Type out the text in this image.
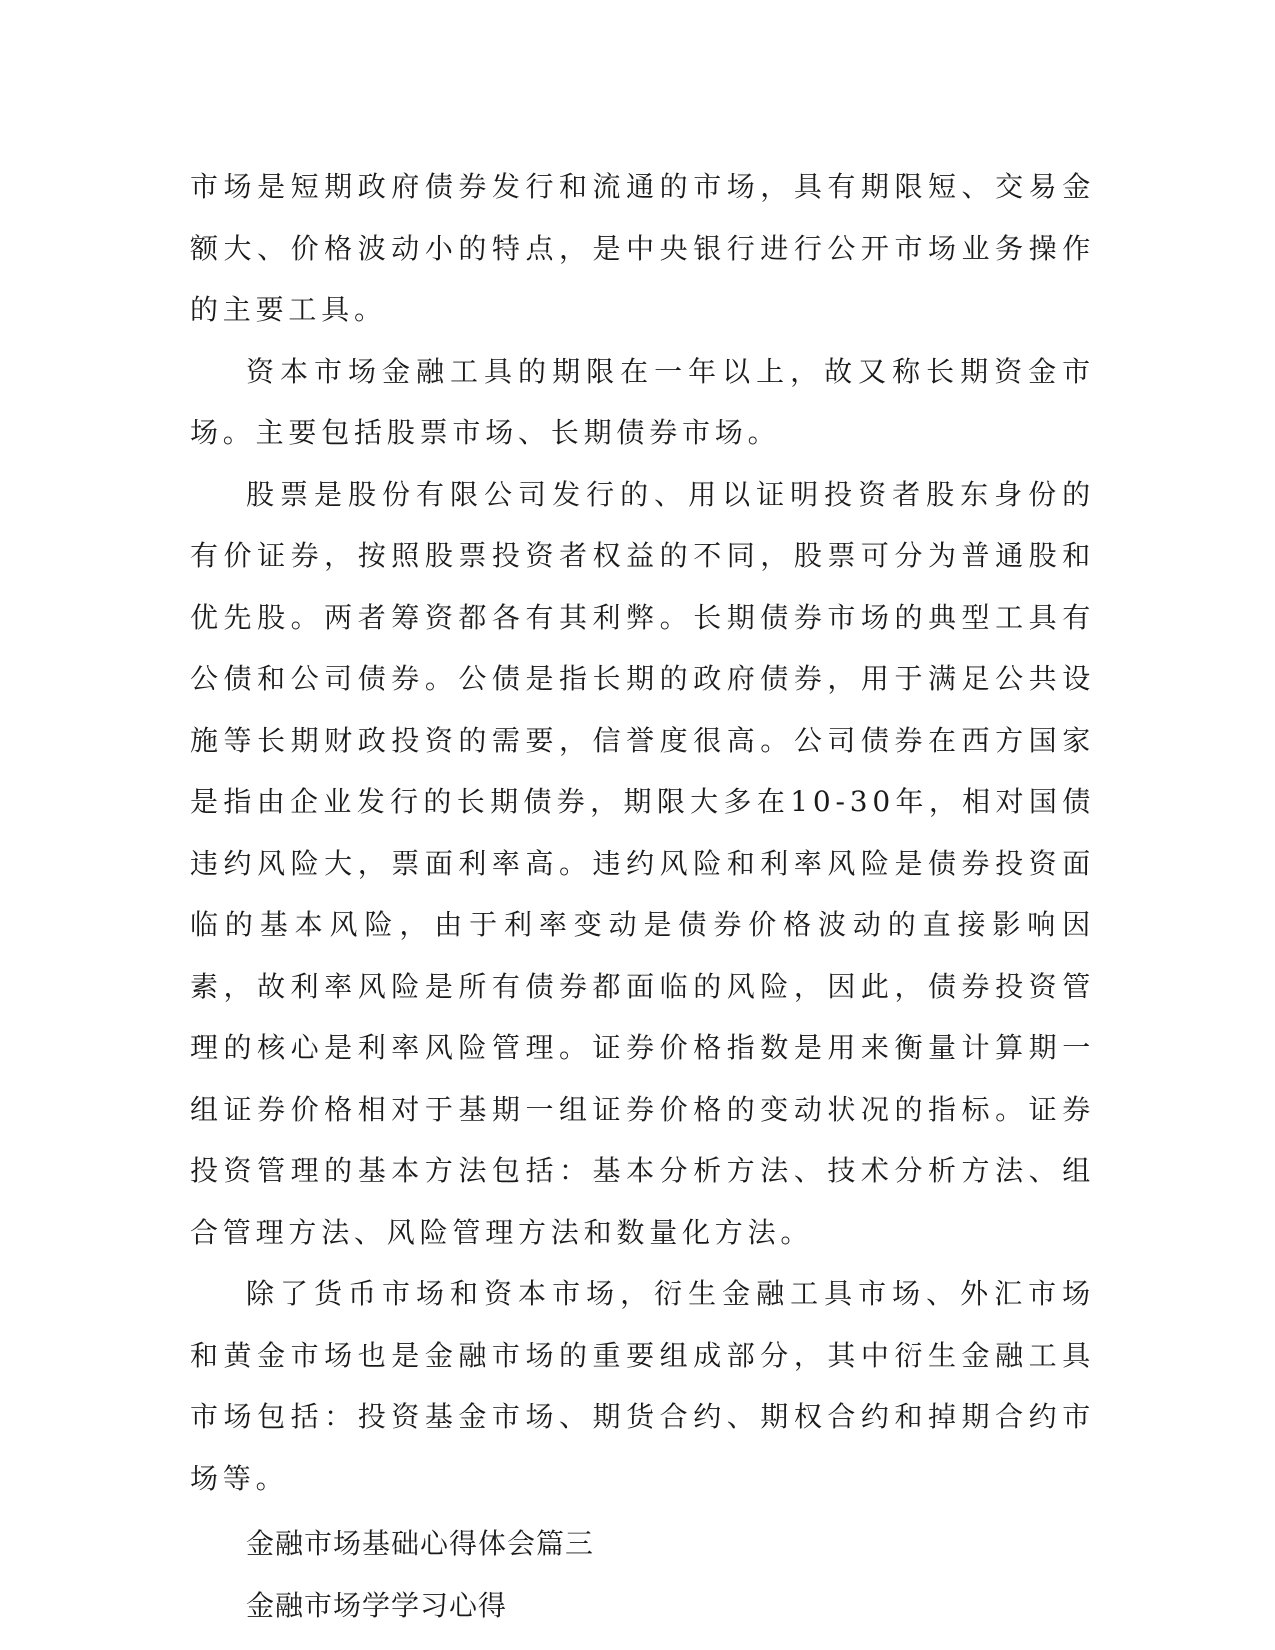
市场是短期政府债券发行和流通的市场，具有期限短、交易金额大、价格波动小的特点，是中央银行进行公开市场业务操作的主要工具。

资本市场金融工具的期限在一年以上，故又称长期资金市场。主要包括股票市场、长期债券市场。

股票是股份有限公司发行的、用以证明投资者股东身份的有价证券，按照股票投资者权益的不同，股票可分为普通股和优先股。两者筹资都各有其利弊。长期债券市场的典型工具有公债和公司债券。公债是指长期的政府债券，用于满足公共设施等长期财政投资的需要，信誉度很高。公司债券在西方国家是指由企业发行的长期债券，期限大多在10-30年，相对国债违约风险大，票面利率高。违约风险和利率风险是债券投资面临的基本风险，由于利率变动是债券价格波动的直接影响因素，故利率风险是所有债券都面临的风险，因此，债券投资管理的核心是利率风险管理。证券价格指数是用来衡量计算期一组证券价格相对于基期一组证券价格的变动状况的指标。证券投资管理的基本方法包括：基本分析方法、技术分析方法、组合管理方法、风险管理方法和数量化方法。

除了货币市场和资本市场，衍生金融工具市场、外汇市场和黄金市场也是金融市场的重要组成部分，其中衍生金融工具市场包括：投资基金市场、期货合约、期权合约和掉期合约市场等。

金融市场基础心得体会篇三

金融市场学学习心得
